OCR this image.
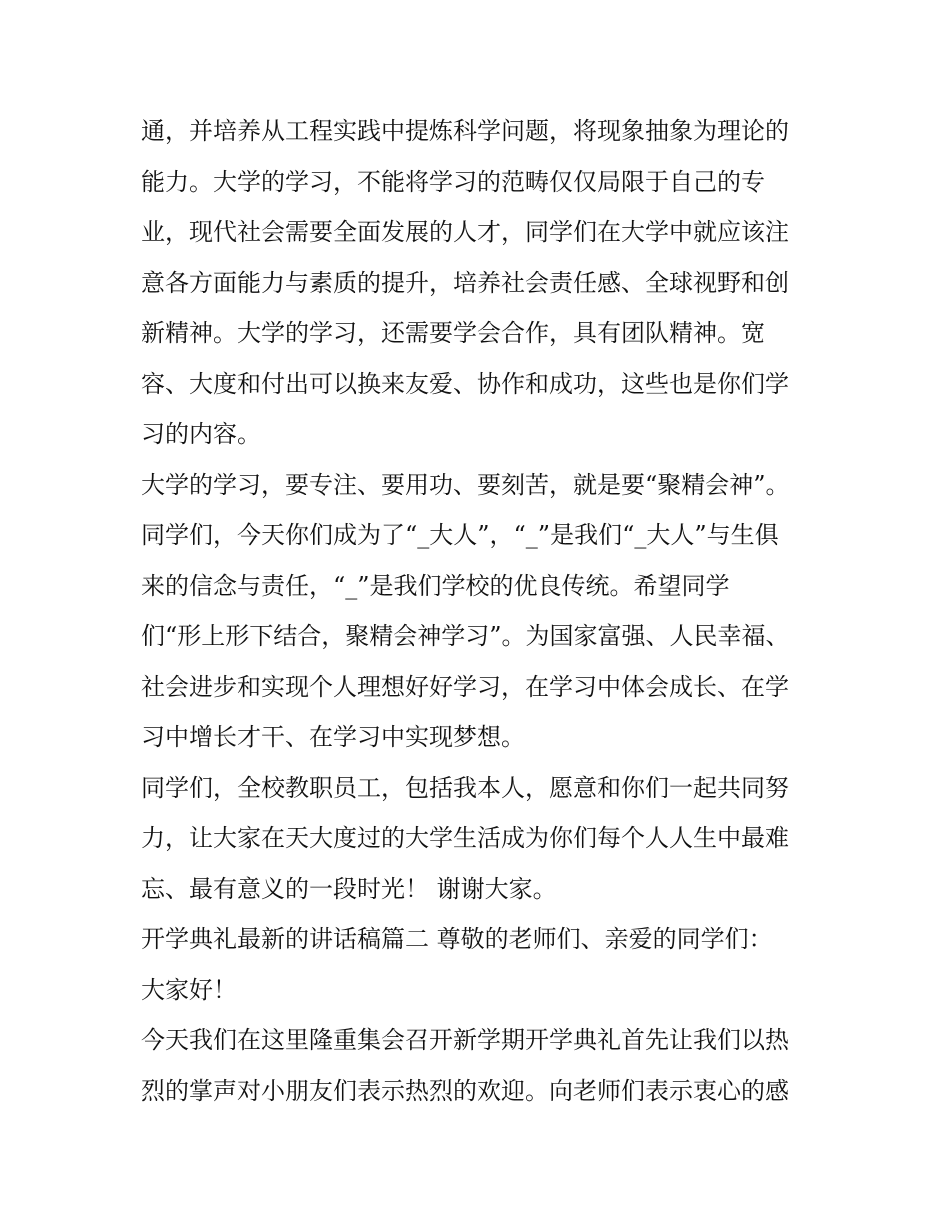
通，并培养从工程实践中提炼科学问题，将现象抽象为理论的
能力。大学的学习，不能将学习的范畴仅仅局限于自己的专
业，现代社会需要全面发展的人才，同学们在大学中就应该注
意各方面能力与素质的提升，培养社会责任感、全球视野和创
新精神。大学的学习，还需要学会合作，具有团队精神。宽
容、大度和付出可以换来友爱、协作和成功，这些也是你们学
习的内容。
大学的学习，要专注、要用功、要刻苦，就是要“聚精会神”。
同学们，今天你们成为了“_大人”，“_”是我们“_大人”与生俱
来的信念与责任，“_”是我们学校的优良传统。希望同学
们“形上形下结合，聚精会神学习”。为国家富强、人民幸福、
社会进步和实现个人理想好好学习，在学习中体会成长、在学
习中增长才干、在学习中实现梦想。
同学们，全校教职员工，包括我本人，愿意和你们一起共同努
力，让大家在天大度过的大学生活成为你们每个人人生中最难
忘、最有意义的一段时光！ 谢谢大家。
开学典礼最新的讲话稿篇二 尊敬的老师们、亲爱的同学们：
大家好！
今天我们在这里隆重集会召开新学期开学典礼首先让我们以热
烈的掌声对小朋友们表示热烈的欢迎。向老师们表示衷心的感
